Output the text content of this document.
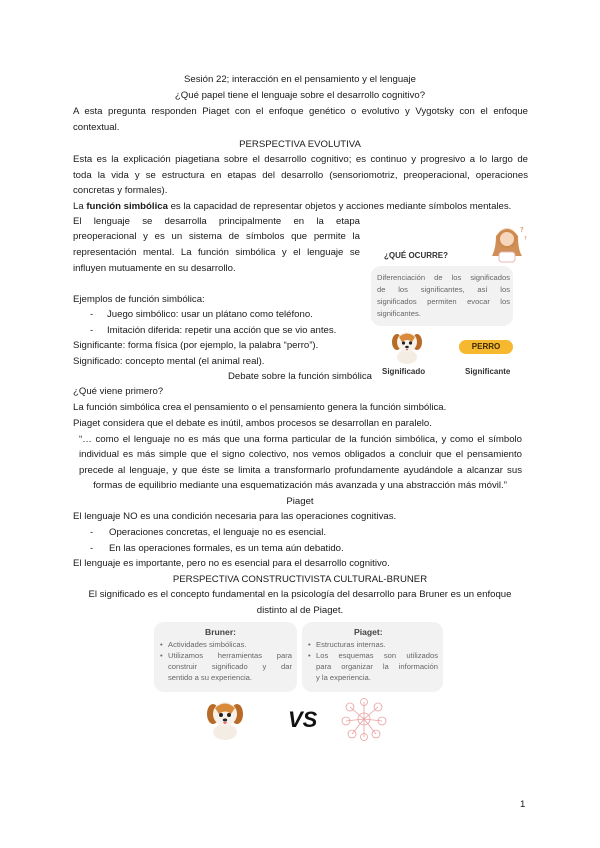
Sesión 22; interacción en el pensamiento y el lenguaje
¿Qué papel tiene el lenguaje sobre el desarrollo cognitivo?
A esta pregunta responden Piaget con el enfoque genético o evolutivo y Vygotsky con el enfoque
contextual.
PERSPECTIVA EVOLUTIVA
Esta es la explicación piagetiana sobre el desarrollo cognitivo; es continuo y progresivo a lo largo de
toda la vida y se estructura en etapas del desarrollo (sensoriomotriz, preoperacional, operaciones
concretas y formales).
La función simbólica es la capacidad de representar objetos y acciones mediante símbolos mentales.
El lenguaje se desarrolla principalmente en la etapa
preoperacional y es un sistema de símbolos que permite la
representación mental. La función simbólica y el lenguaje se
influyen mutuamente en su desarrollo.
Ejemplos de función simbólica:
- Juego simbólico: usar un plátano como teléfono.
- Imitación diferida: repetir una acción que se vio antes.
Significante: forma física (por ejemplo, la palabra “perro”).
Significado: concepto mental (el animal real).
¿QUÉ OCURRE?
?
?
Diferenciación de los significados
de los significantes, así los
significados permiten evocar los
significantes.
PERRO
Significado	Significante
Debate sobre la función simbólica
¿Qué viene primero?
La función simbólica crea el pensamiento o el pensamiento genera la función simbólica.
Piaget considera que el debate es inútil, ambos procesos se desarrollan en paralelo.
“… como el lenguaje no es más que una forma particular de la función simbólica, y como el símbolo
individual es más simple que el signo colectivo, nos vemos obligados a concluir que el pensamiento
precede al lenguaje, y que éste se limita a transformarlo profundamente ayudándole a alcanzar sus
formas de equilibrio mediante una esquematización más avanzada y una abstracción más móvil.”
Piaget
El lenguaje NO es una condición necesaria para las operaciones cognitivas.
- Operaciones concretas, el lenguaje no es esencial.
- En las operaciones formales, es un tema aún debatido.
El lenguaje es importante, pero no es esencial para el desarrollo cognitivo.
PERSPECTIVA CONSTRUCTIVISTA CULTURAL-BRUNER
El significado es el concepto fundamental en la psicología del desarrollo para Bruner es un enfoque
distinto al de Piaget.
Bruner:
• Actividades simbólicas.
• Utilizamos herramientas para
construir significado y dar
sentido a su experiencia.
Piaget:
• Estructuras internas.
• Los esquemas son utilizados
para organizar la información
y la experiencia.
VS
1
